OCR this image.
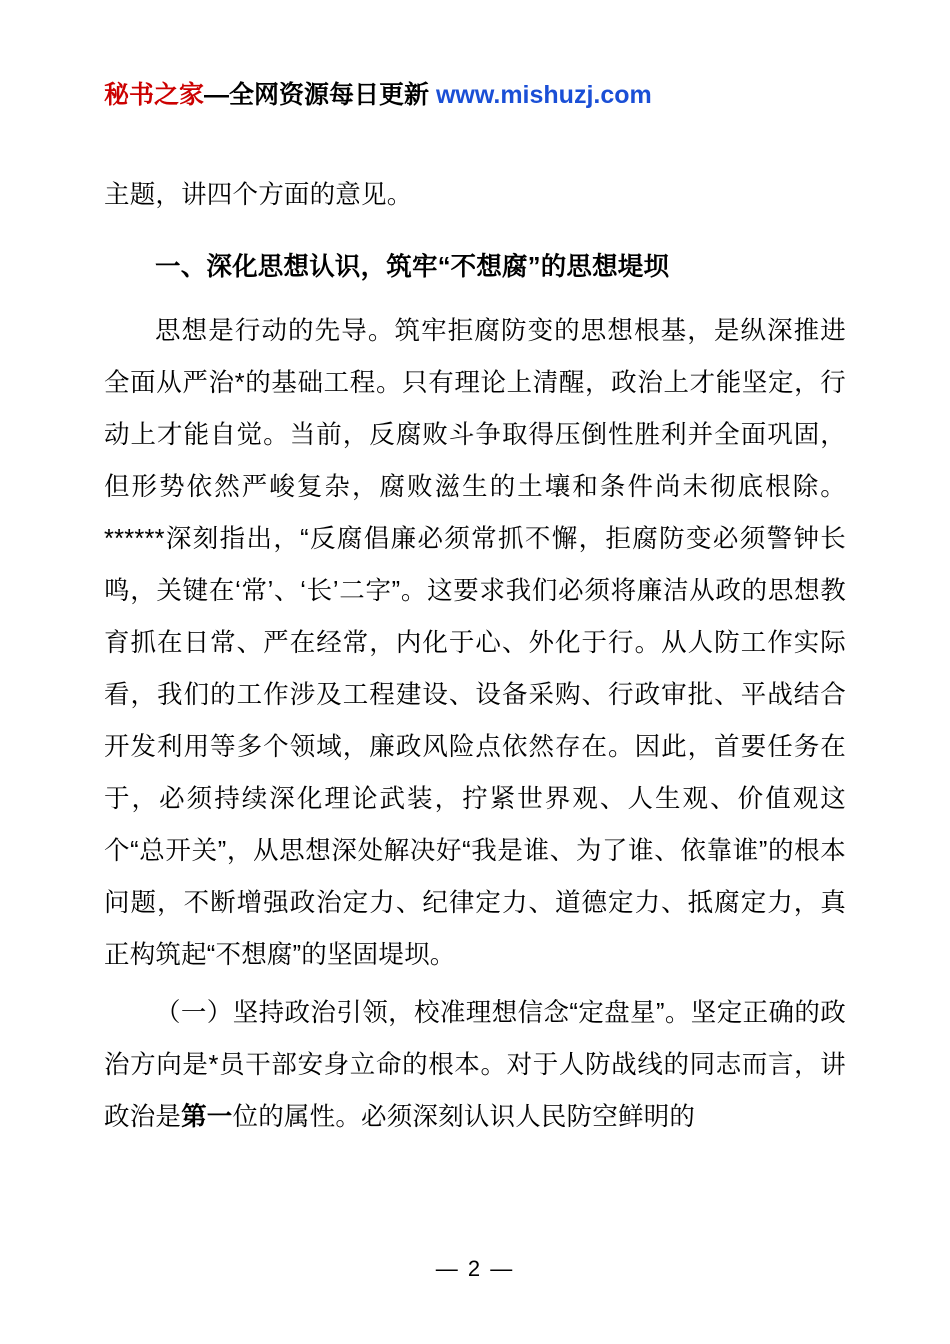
秘书之家—全网资源每日更新 www.mishuzj.com

主题，讲四个方面的意见。

一、深化思想认识，筑牢“不想腐”的思想堤坝

思想是行动的先导。筑牢拒腐防变的思想根基，是纵深推进全面从严治*的基础工程。只有理论上清醒，政治上才能坚定，行动上才能自觉。当前，反腐败斗争取得压倒性胜利并全面巩固，但形势依然严峻复杂，腐败滋生的土壤和条件尚未彻底根除。******深刻指出，“反腐倡廉必须常抓不懈，拒腐防变必须警钟长鸣，关键在‘常’、‘长’二字”。这要求我们必须将廉洁从政的思想教育抓在日常、严在经常，内化于心、外化于行。从人防工作实际看，我们的工作涉及工程建设、设备采购、行政审批、平战结合开发利用等多个领域，廉政风险点依然存在。因此，首要任务在于，必须持续深化理论武装，拧紧世界观、人生观、价值观这个“总开关”，从思想深处解决好“我是谁、为了谁、依靠谁”的根本问题，不断增强政治定力、纪律定力、道德定力、抵腐定力，真正构筑起“不想腐”的坚固堤坝。

（一）坚持政治引领，校准理想信念“定盘星”。坚定正确的政治方向是*员干部安身立命的根本。对于人防战线的同志而言，讲政治是第一位的属性。必须深刻认识人民防空鲜明的

— 2 —
